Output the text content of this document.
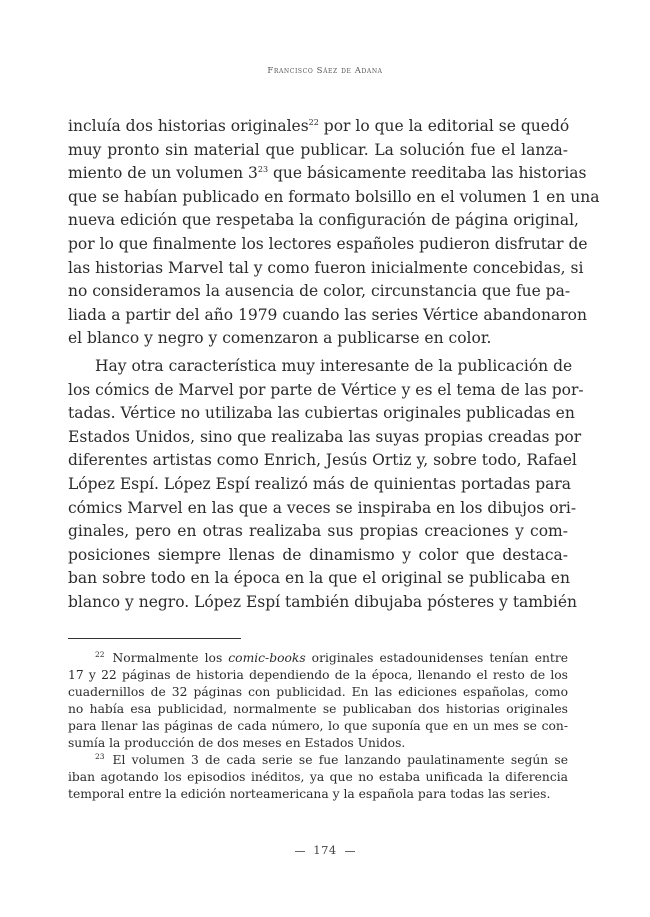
Francisco Sáez de Adana
incluía dos historias originales$^{22}$ por lo que la editorial se quedó
muy pronto sin material que publicar. La solución fue el lanza-
miento de un volumen $3^{23}$ que básicamente reeditaba las historias
que se habían publicado en formato bolsillo en el volumen 1 en una
nueva edición que respetaba la configuración de página original,
por lo que finalmente los lectores españoles pudieron disfrutar de
las historias Marvel tal y como fueron inicialmente concebidas, si
no consideramos la ausencia de color, circunstancia que fue pa-
liada a partir del año 1979 cuando las series Vértice abandonaron
el blanco y negro y comenzaron a publicarse en color.
Hay otra característica muy interesante de la publicación de
los cómics de Marvel por parte de Vértice y es el tema de las por-
tadas. Vértice no utilizaba las cubiertas originales publicadas en
Estados Unidos, sino que realizaba las suyas propias creadas por
diferentes artistas como Enrich, Jesús Ortiz y, sobre todo, Rafael
López Espí. López Espí realizó más de quinientas portadas para
cómics Marvel en las que a veces se inspiraba en los dibujos ori-
ginales, pero en otras realizaba sus propias creaciones y com-
posiciones siempre llenas de dinamismo y color que destaca-
ban sobre todo en la época en la que el original se publicaba en
blanco y negro. López Espí también dibujaba pósteres y también
$^{22}$ Normalmente los comic-books originales estadounidenses tenían entre
17 y 22 páginas de historia dependiendo de la época, llenando el resto de los
cuadernillos de 32 páginas con publicidad. En las ediciones españolas, como
no había esa publicidad, normalmente se publicaban dos historias originales
para llenar las páginas de cada número, lo que suponía que en un mes se con-
sumía la producción de dos meses en Estados Unidos.
$^{23}$ El volumen 3 de cada serie se fue lanzando paulatinamente según se
iban agotando los episodios inéditos, ya que no estaba unificada la diferencia
temporal entre la edición norteamericana y la española para todas las series.
174
